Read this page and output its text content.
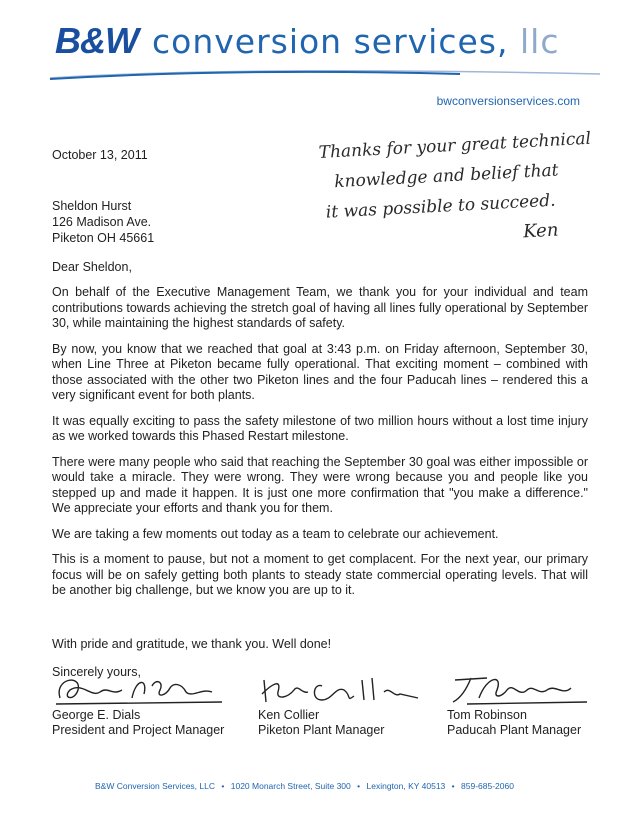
B&W conversion services, llc
bwconversionservices.com
October 13, 2011
Sheldon Hurst
126 Madison Ave.
Piketon OH 45661
Thanks for your great technical
knowledge and belief that
it was possible to succeed.
Ken
Dear Sheldon,

On behalf of the Executive Management Team, we thank you for your individual and team contributions towards achieving the stretch goal of having all lines fully operational by September 30, while maintaining the highest standards of safety.

By now, you know that we reached that goal at 3:43 p.m. on Friday afternoon, September 30, when Line Three at Piketon became fully operational. That exciting moment – combined with those associated with the other two Piketon lines and the four Paducah lines – rendered this a very significant event for both plants.

It was equally exciting to pass the safety milestone of two million hours without a lost time injury as we worked towards this Phased Restart milestone.

There were many people who said that reaching the September 30 goal was either impossible or would take a miracle. They were wrong. They were wrong because you and people like you stepped up and made it happen. It is just one more confirmation that "you make a difference." We appreciate your efforts and thank you for them.

We are taking a few moments out today as a team to celebrate our achievement.

This is a moment to pause, but not a moment to get complacent. For the next year, our primary focus will be on safely getting both plants to steady state commercial operating levels. That will be another big challenge, but we know you are up to it.

With pride and gratitude, we thank you. Well done!
Sincerely yours,
George E. Dials
President and Project Manager
Ken Collier
Piketon Plant Manager
Tom Robinson
Paducah Plant Manager
B&W Conversion Services, LLC • 1020 Monarch Street, Suite 300 • Lexington, KY 40513 • 859-685-2060
